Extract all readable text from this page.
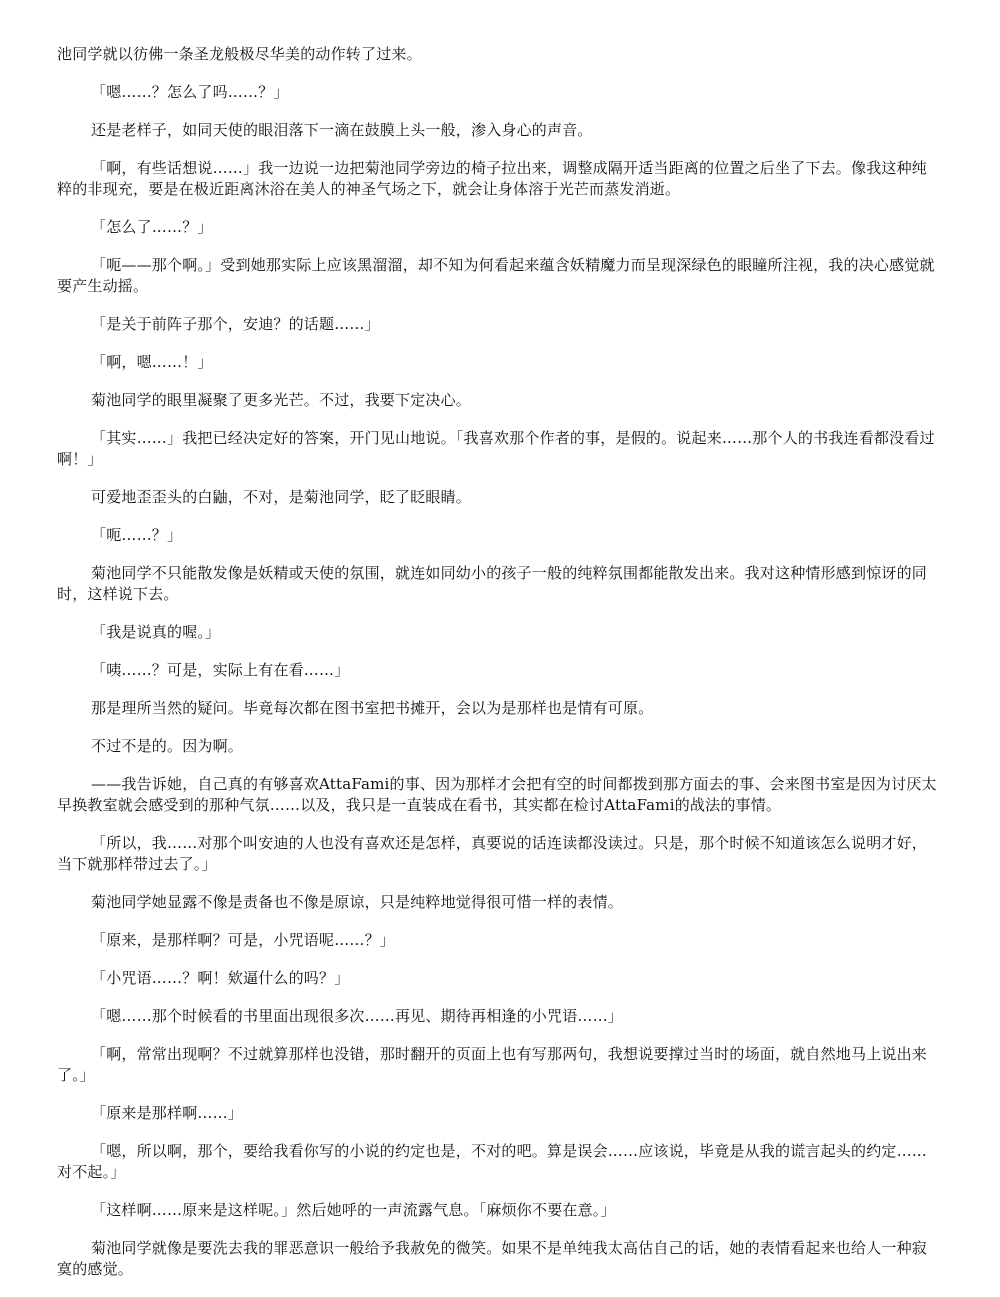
池同学就以彷佛一条圣龙般极尽华美的动作转了过来。

「嗯……？怎么了吗……？」

还是老样子，如同天使的眼泪落下一滴在鼓膜上头一般，渗入身心的声音。

「啊，有些话想说……」我一边说一边把菊池同学旁边的椅子拉出来，调整成隔开适当距离的位置之后坐了下去。像我这种纯粹的非现充，要是在极近距离沐浴在美人的神圣气场之下，就会让身体溶于光芒而蒸发消逝。

「怎么了……？」

「呃——那个啊。」受到她那实际上应该黑溜溜，却不知为何看起来蕴含妖精魔力而呈现深绿色的眼瞳所注视，我的决心感觉就要产生动摇。

「是关于前阵子那个，安迪？的话题……」

「啊，嗯……！」

菊池同学的眼里凝聚了更多光芒。不过，我要下定决心。

「其实……」我把已经决定好的答案，开门见山地说。「我喜欢那个作者的事，是假的。说起来……那个人的书我连看都没看过啊！」

可爱地歪歪头的白鼬，不对，是菊池同学，眨了眨眼睛。

「呃……？」

菊池同学不只能散发像是妖精或天使的氛围，就连如同幼小的孩子一般的纯粹氛围都能散发出来。我对这种情形感到惊讶的同时，这样说下去。

「我是说真的喔。」

「咦……？可是，实际上有在看……」

那是理所当然的疑问。毕竟每次都在图书室把书摊开，会以为是那样也是情有可原。

不过不是的。因为啊。

——我告诉她，自己真的有够喜欢AttaFami的事、因为那样才会把有空的时间都拨到那方面去的事、会来图书室是因为讨厌太早换教室就会感受到的那种气氛……以及，我只是一直装成在看书，其实都在检讨AttaFami的战法的事情。

「所以，我……对那个叫安迪的人也没有喜欢还是怎样，真要说的话连读都没读过。只是，那个时候不知道该怎么说明才好，当下就那样带过去了。」

菊池同学她显露不像是责备也不像是原谅，只是纯粹地觉得很可惜一样的表情。

「原来，是那样啊？可是，小咒语呢……？」

「小咒语……？啊！欸逼什么的吗？」

「嗯……那个时候看的书里面出现很多次……再见、期待再相逢的小咒语……」

「啊，常常出现啊？不过就算那样也没错，那时翻开的页面上也有写那两句，我想说要撑过当时的场面，就自然地马上说出来了。」

「原来是那样啊……」

「嗯，所以啊，那个，要给我看你写的小说的约定也是，不对的吧。算是误会……应该说，毕竟是从我的谎言起头的约定……对不起。」

「这样啊……原来是这样呢。」然后她呼的一声流露气息。「麻烦你不要在意。」

菊池同学就像是要洗去我的罪恶意识一般给予我赦免的微笑。如果不是单纯我太高估自己的话，她的表情看起来也给人一种寂寞的感觉。
